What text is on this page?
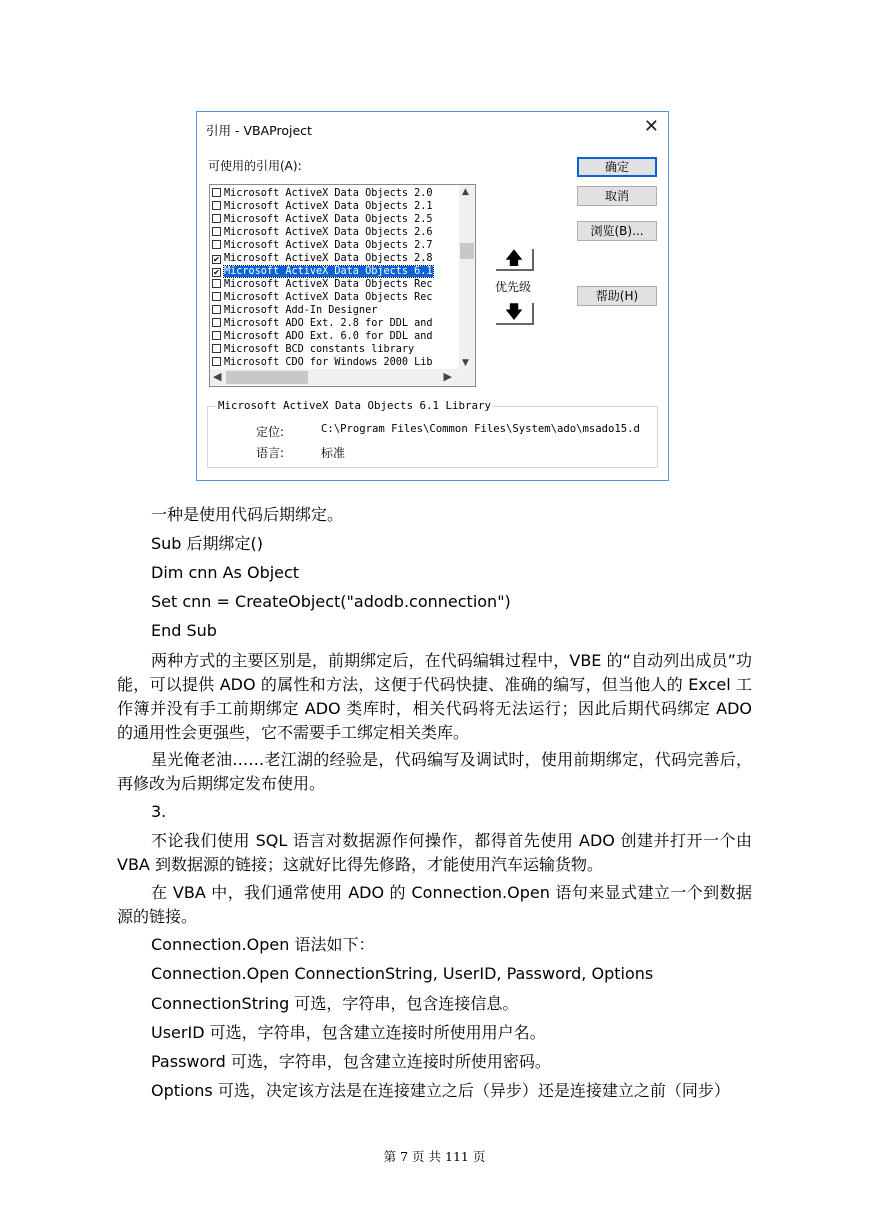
引用 - VBAProject	✕
可使用的引用(A):
Microsoft ActiveX Data Objects 2.0
Microsoft ActiveX Data Objects 2.1
Microsoft ActiveX Data Objects 2.5
Microsoft ActiveX Data Objects 2.6
Microsoft ActiveX Data Objects 2.7
✔ Microsoft ActiveX Data Objects 2.8
✔ Microsoft ActiveX Data Objects 6.1
Microsoft ActiveX Data Objects Rec
Microsoft ActiveX Data Objects Rec
Microsoft Add-In Designer
Microsoft ADO Ext. 2.8 for DDL and
Microsoft ADO Ext. 6.0 for DDL and
Microsoft BCD constants library
Microsoft CDO for Windows 2000 Lib
▲
▼
◀	▶
🡅
优先级
🡇
确定
取消
浏览(B)...
帮助(H)
Microsoft ActiveX Data Objects 6.1 Library
定位:	C:\Program Files\Common Files\System\ado\msado15.d
语言:	标准

一种是使用代码后期绑定。

Sub 后期绑定()

Dim cnn As Object

Set cnn = CreateObject("adodb.connection")

End Sub

两种方式的主要区别是，前期绑定后，在代码编辑过程中，VBE 的“自动列出成员”功能，可以提供 ADO 的属性和方法，这便于代码快捷、准确的编写，但当他人的 Excel 工作簿并没有手工前期绑定 ADO 类库时，相关代码将无法运行；因此后期代码绑定 ADO 的通用性会更强些，它不需要手工绑定相关类库。

星光俺老油……老江湖的经验是，代码编写及调试时，使用前期绑定，代码完善后，再修改为后期绑定发布使用。

3.

不论我们使用 SQL 语言对数据源作何操作，都得首先使用 ADO 创建并打开一个由 VBA 到数据源的链接；这就好比得先修路，才能使用汽车运输货物。

在 VBA 中，我们通常使用 ADO 的 Connection.Open 语句来显式建立一个到数据源的链接。

Connection.Open 语法如下：

Connection.Open ConnectionString, UserID, Password, Options

ConnectionString 可选，字符串，包含连接信息。

UserID 可选，字符串，包含建立连接时所使用用户名。

Password 可选，字符串，包含建立连接时所使用密码。

Options 可选，决定该方法是在连接建立之后（异步）还是连接建立之前（同步）

第 7 页 共 111 页
